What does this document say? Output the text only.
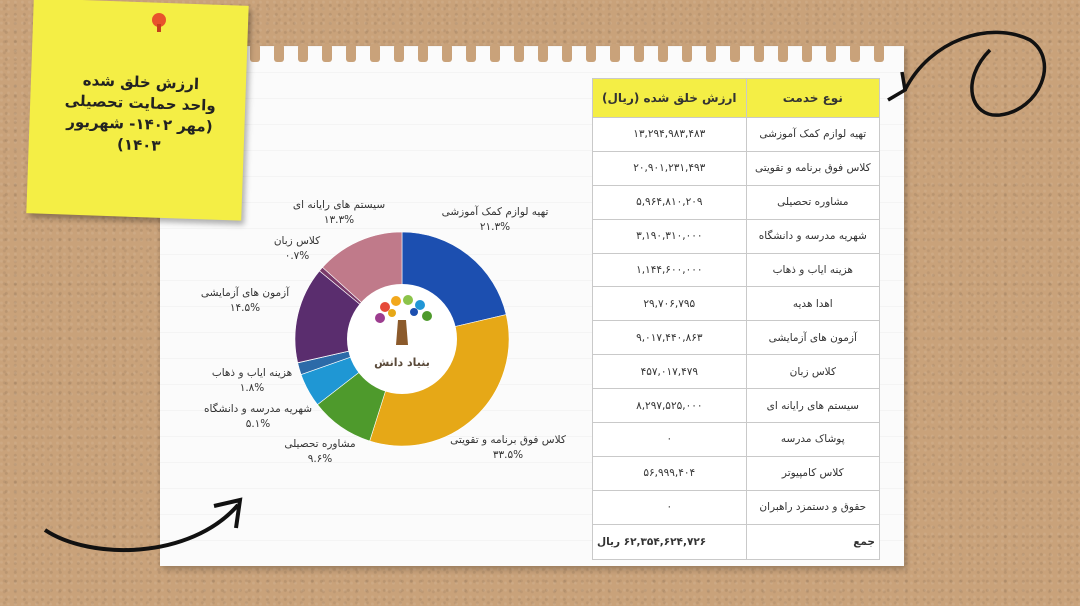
ارزش خلق شده
واحد حمایت تحصیلی
(مهر ۱۴۰۲- شهریور ۱۴۰۳)
بنیاد دانش
تهیه لوازم کمک آموزشی
۲۱.۳%
کلاس فوق برنامه و تقویتی
۳۳.۵%
مشاوره تحصیلی
۹.۶%
شهریه مدرسه و دانشگاه
۵.۱%
هزینه ایاب و ذهاب
۱.۸%
آزمون های آزمایشی
۱۴.۵%
کلاس زبان
۰.۷%
سیستم های رایانه ای
۱۳.۳%
نوع خدمت	ارزش خلق شده (ریال)
تهیه لوازم کمک آموزشی	۱۳,۲۹۴,۹۸۳,۴۸۳
کلاس فوق برنامه و تقویتی	۲۰,۹۰۱,۲۳۱,۴۹۳
مشاوره تحصیلی	۵,۹۶۴,۸۱۰,۲۰۹
شهریه مدرسه و دانشگاه	۳,۱۹۰,۳۱۰,۰۰۰
هزینه ایاب و ذهاب	۱,۱۴۴,۶۰۰,۰۰۰
اهدا هدیه	۲۹,۷۰۶,۷۹۵
آزمون های آزمایشی	۹,۰۱۷,۴۴۰,۸۶۳
کلاس زبان	۴۵۷,۰۱۷,۴۷۹
سیستم های رایانه ای	۸,۲۹۷,۵۲۵,۰۰۰
پوشاک مدرسه	۰
کلاس کامپیوتر	۵۶,۹۹۹,۴۰۴
حقوق و دستمزد راهبران	۰
جمع	۶۲,۳۵۴,۶۲۴,۷۲۶ ریال
